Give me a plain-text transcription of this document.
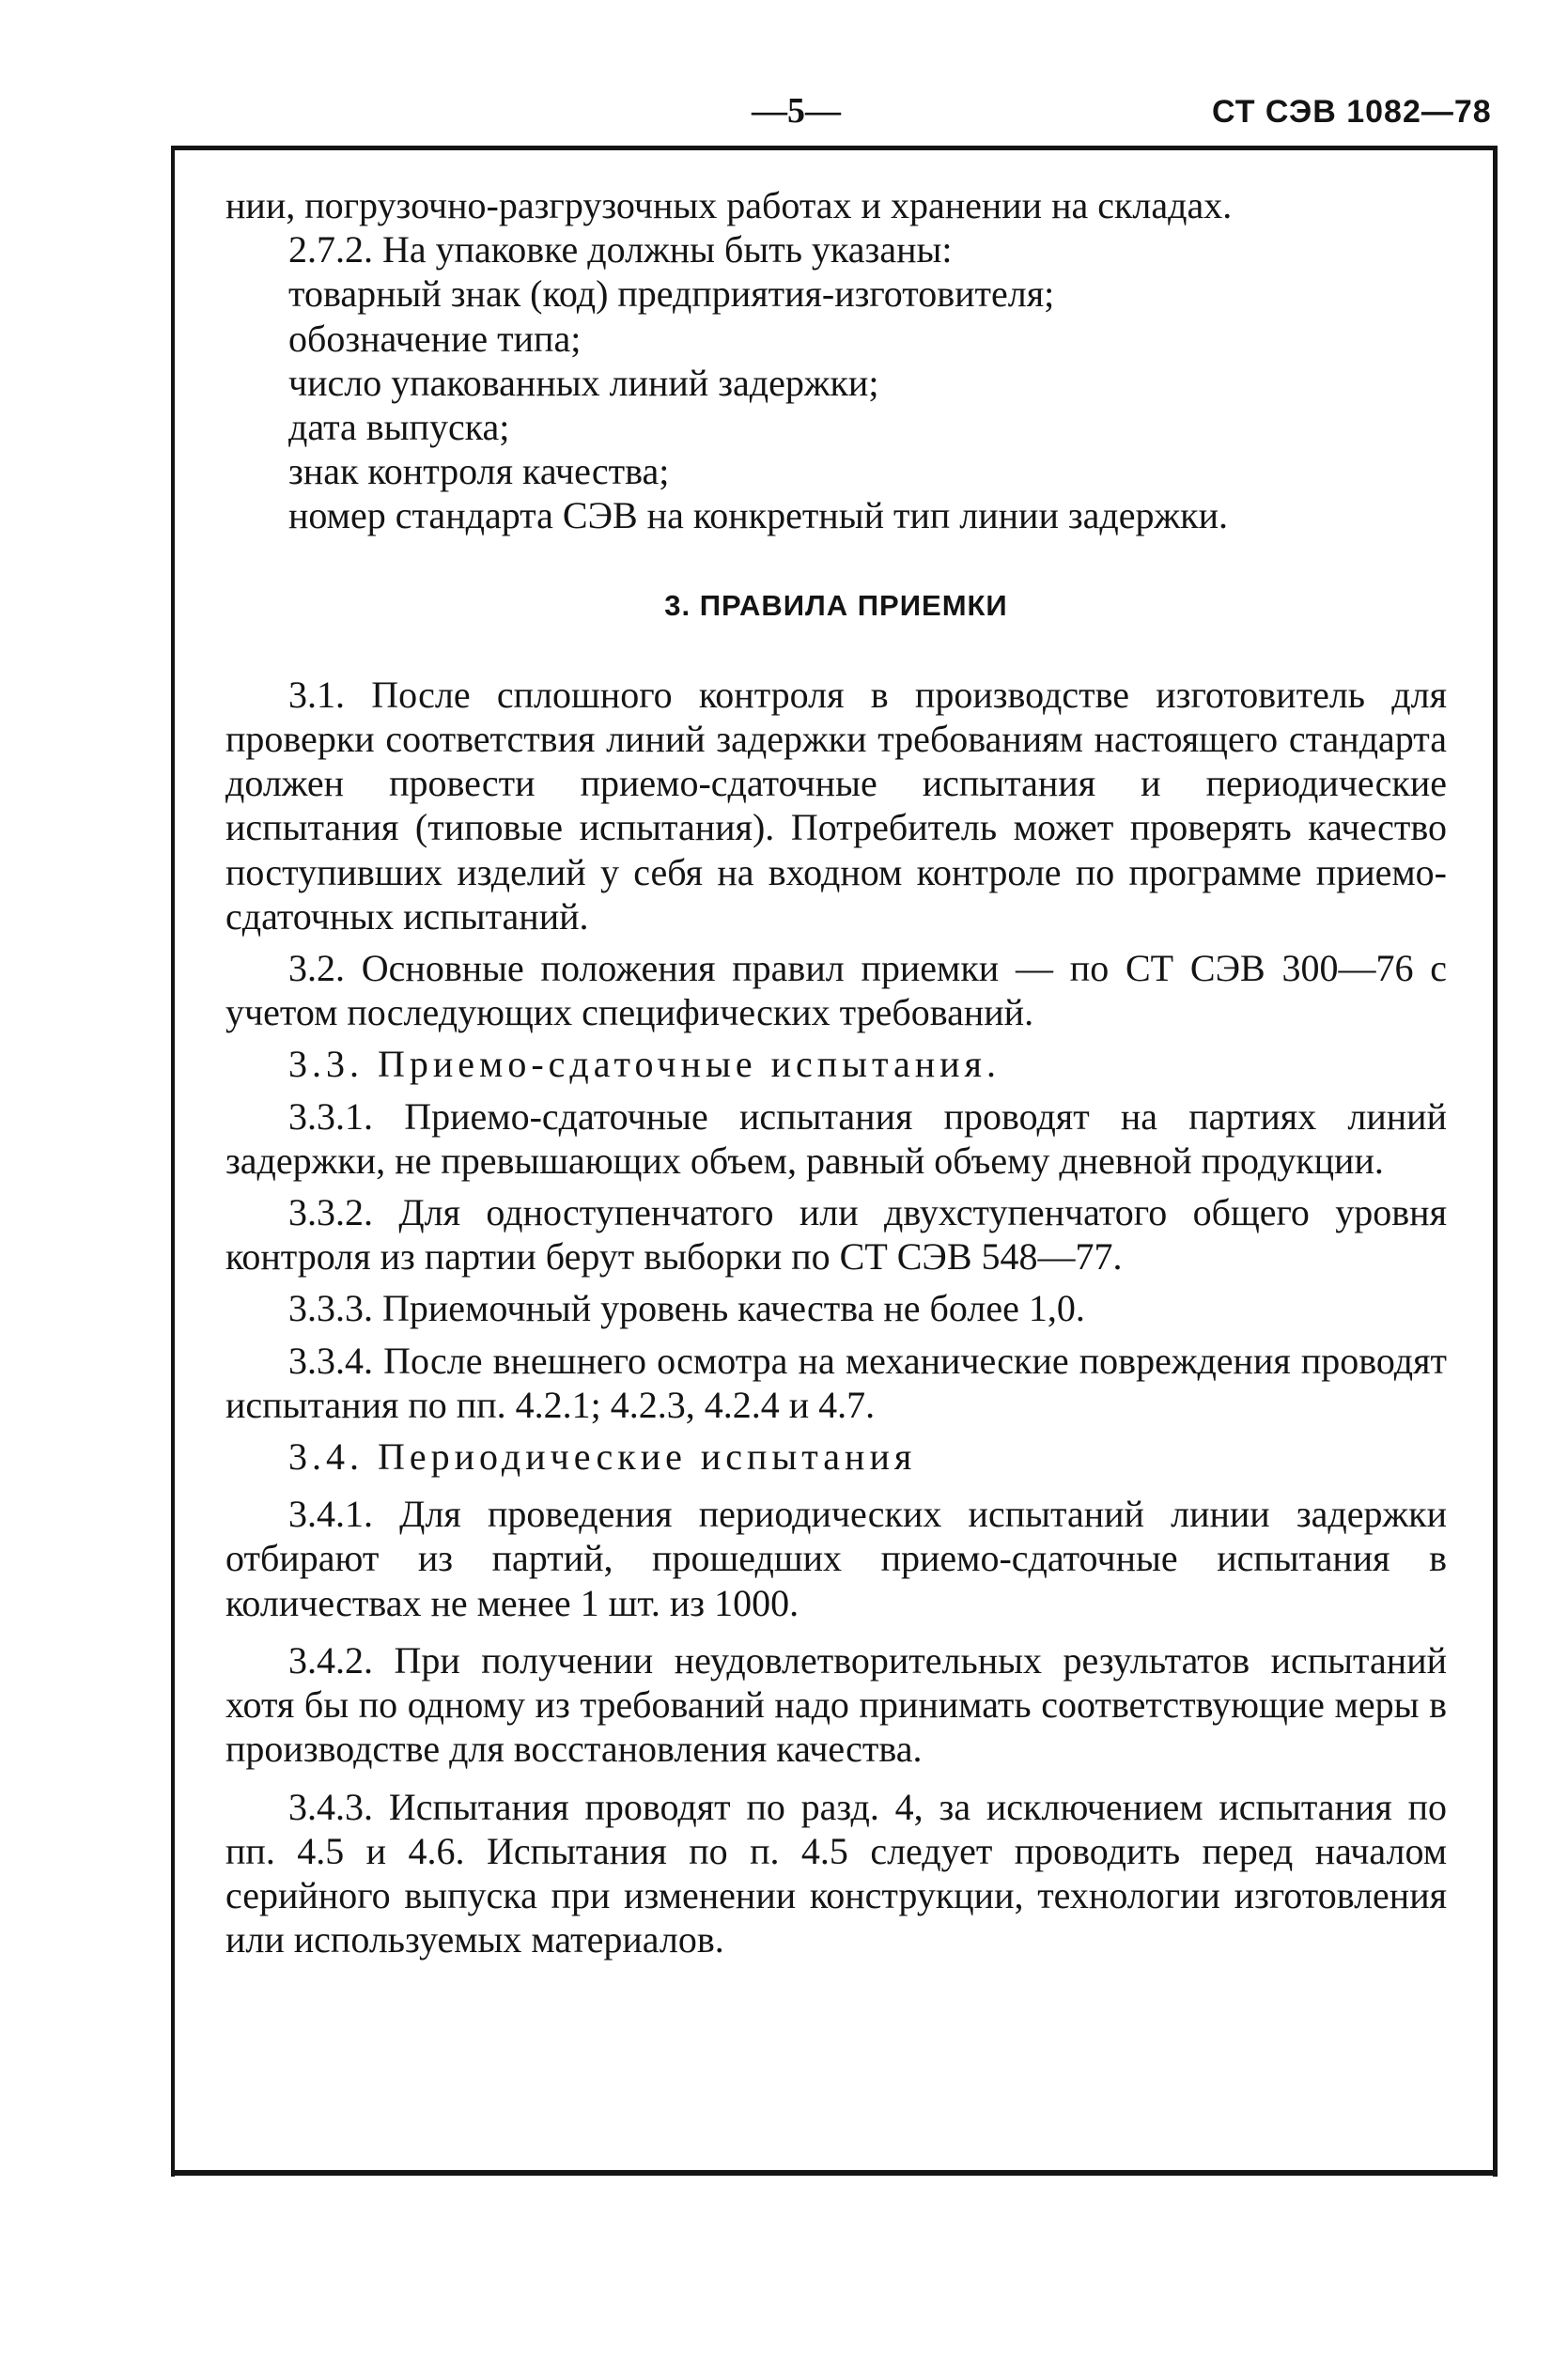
—5—	СТ СЭВ 1082—78

нии, погрузочно-разгрузочных работах и хранении на складах.

2.7.2. На упаковке должны быть указаны:

товарный знак (код) предприятия-изготовителя;

обозначение типа;

число упакованных линий задержки;

дата выпуска;

знак контроля качества;

номер стандарта СЭВ на конкретный тип линии задержки.

3. ПРАВИЛА ПРИЕМКИ

3.1. После сплошного контроля в производстве изготовитель для проверки соответствия линий задержки требованиям настоящего стандарта должен провести приемо-сдаточные испытания и периодические испытания (типовые испытания). Потребитель может проверять качество поступивших изделий у себя на входном контроле по программе приемо-сдаточных испытаний.

3.2. Основные положения правил приемки — по СТ СЭВ 300—76 с учетом последующих специфических требований.

3.3. Приемо-сдаточные испытания.

3.3.1. Приемо-сдаточные испытания проводят на партиях линий задержки, не превышающих объем, равный объему дневной продукции.

3.3.2. Для одноступенчатого или двухступенчатого общего уровня контроля из партии берут выборки по СТ СЭВ 548—77.

3.3.3. Приемочный уровень качества не более 1,0.

3.3.4. После внешнего осмотра на механические повреждения проводят испытания по пп. 4.2.1; 4.2.3, 4.2.4 и 4.7.

3.4. Периодические испытания

3.4.1. Для проведения периодических испытаний линии задержки отбирают из партий, прошедших приемо-сдаточные испытания в количествах не менее 1 шт. из 1000.

3.4.2. При получении неудовлетворительных результатов испытаний хотя бы по одному из требований надо принимать соответствующие меры в производстве для восстановления качества.

3.4.3. Испытания проводят по разд. 4, за исключением испытания по пп. 4.5 и 4.6. Испытания по п. 4.5 следует проводить перед началом серийного выпуска при изменении конструкции, технологии изготовления или используемых материалов.
